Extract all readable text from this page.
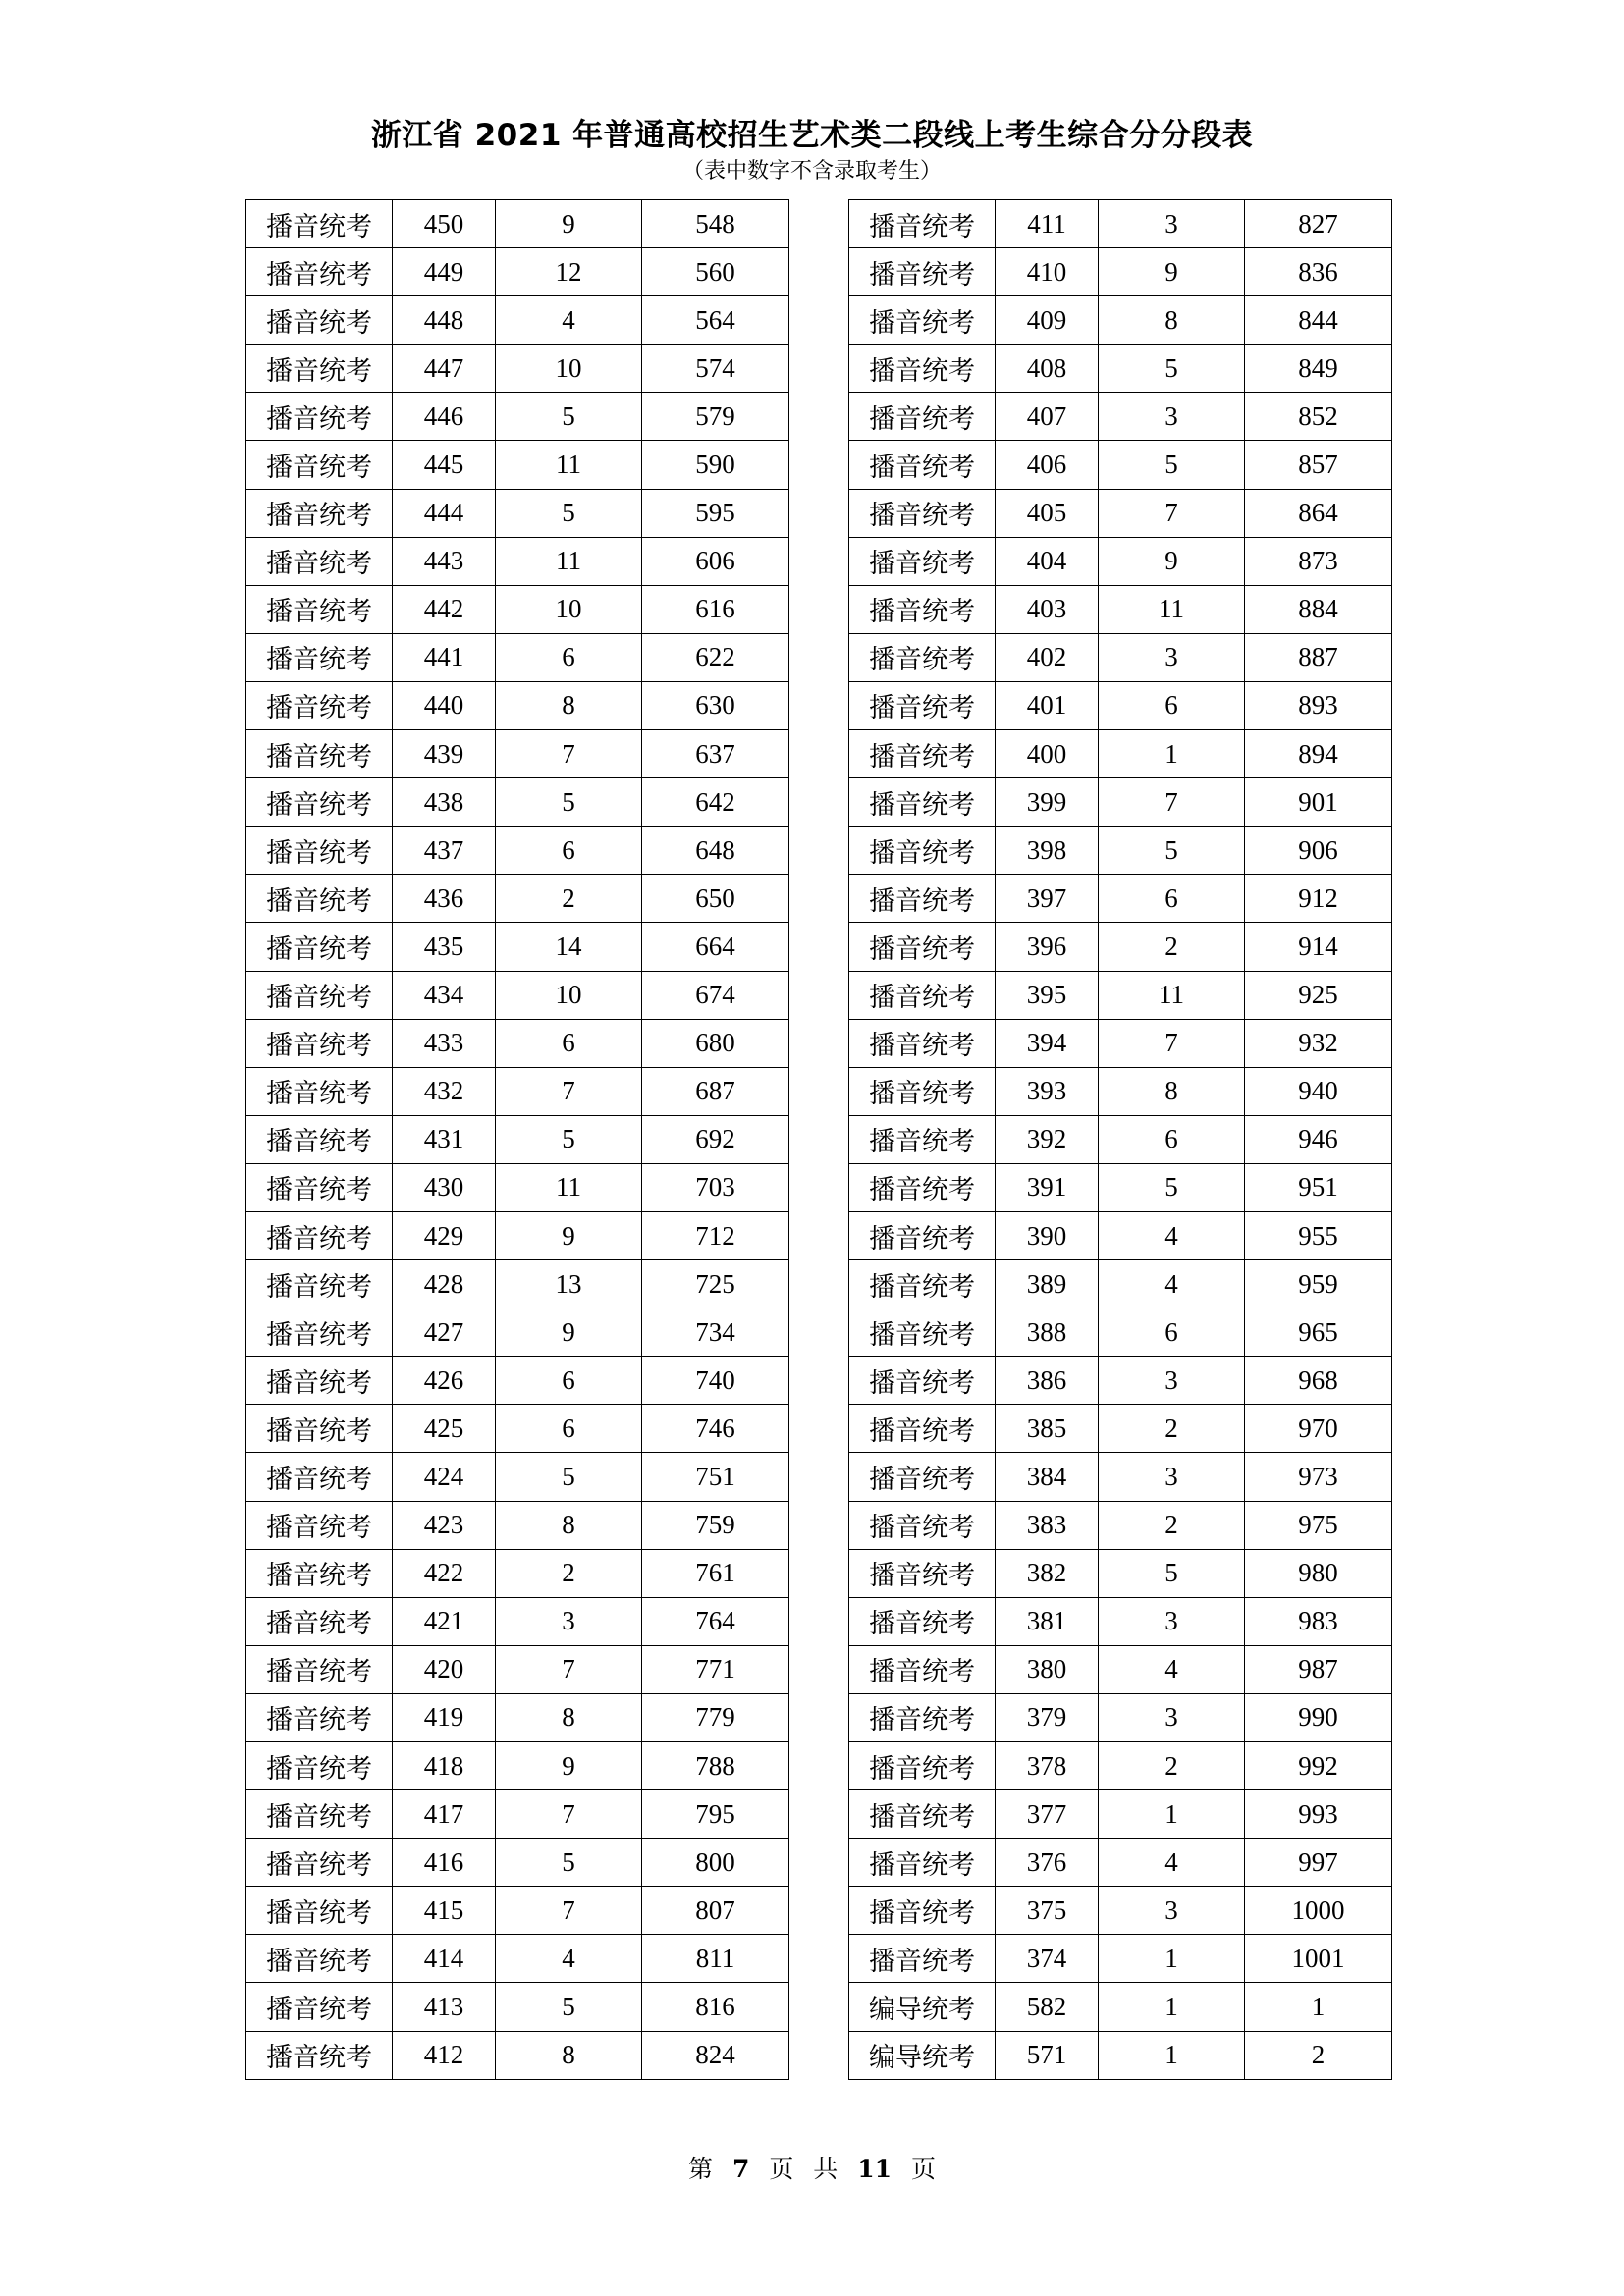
浙江省 2021 年普通高校招生艺术类二段线上考生综合分分段表

（表中数字不含录取考生）

播音统考	450	9	548
播音统考	449	12	560
播音统考	448	4	564
播音统考	447	10	574
播音统考	446	5	579
播音统考	445	11	590
播音统考	444	5	595
播音统考	443	11	606
播音统考	442	10	616
播音统考	441	6	622
播音统考	440	8	630
播音统考	439	7	637
播音统考	438	5	642
播音统考	437	6	648
播音统考	436	2	650
播音统考	435	14	664
播音统考	434	10	674
播音统考	433	6	680
播音统考	432	7	687
播音统考	431	5	692
播音统考	430	11	703
播音统考	429	9	712
播音统考	428	13	725
播音统考	427	9	734
播音统考	426	6	740
播音统考	425	6	746
播音统考	424	5	751
播音统考	423	8	759
播音统考	422	2	761
播音统考	421	3	764
播音统考	420	7	771
播音统考	419	8	779
播音统考	418	9	788
播音统考	417	7	795
播音统考	416	5	800
播音统考	415	7	807
播音统考	414	4	811
播音统考	413	5	816
播音统考	412	8	824
播音统考	411	3	827
播音统考	410	9	836
播音统考	409	8	844
播音统考	408	5	849
播音统考	407	3	852
播音统考	406	5	857
播音统考	405	7	864
播音统考	404	9	873
播音统考	403	11	884
播音统考	402	3	887
播音统考	401	6	893
播音统考	400	1	894
播音统考	399	7	901
播音统考	398	5	906
播音统考	397	6	912
播音统考	396	2	914
播音统考	395	11	925
播音统考	394	7	932
播音统考	393	8	940
播音统考	392	6	946
播音统考	391	5	951
播音统考	390	4	955
播音统考	389	4	959
播音统考	388	6	965
播音统考	386	3	968
播音统考	385	2	970
播音统考	384	3	973
播音统考	383	2	975
播音统考	382	5	980
播音统考	381	3	983
播音统考	380	4	987
播音统考	379	3	990
播音统考	378	2	992
播音统考	377	1	993
播音统考	376	4	997
播音统考	375	3	1000
播音统考	374	1	1001
编导统考	582	1	1
编导统考	571	1	2
第 7 页 共 11 页
